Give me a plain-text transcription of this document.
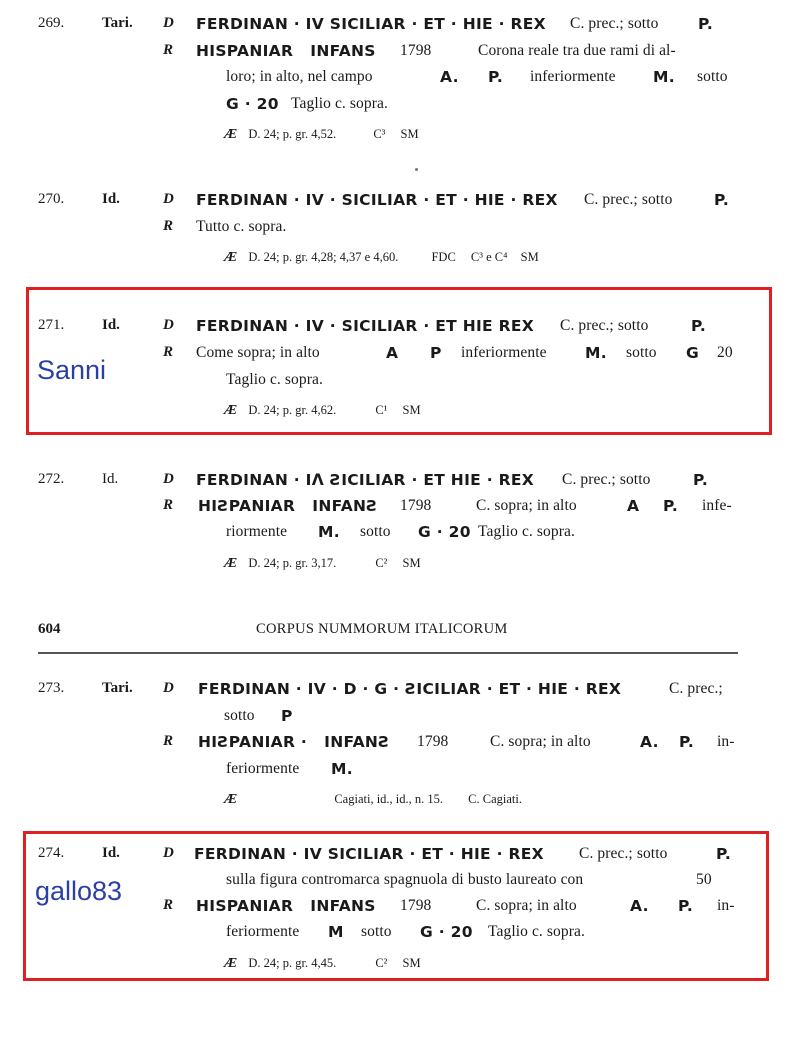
269.	Tari. D FERDINAN · IV SICILIAR · ET · HIE · REX C. prec.; sotto	P.
R HISPANIAR   INFANS 1798	Corona reale tra due rami di al-
loro; in alto, nel campo	A. P. inferiormente M. sotto
G · 20 Taglio c. sopra.
Æ D. 24; p. gr. 4,52.	C³ SM
270.	Id.	D FERDINAN · IV · SICILIAR · ET · HIE · REX C. prec.; sotto	P.
R Tutto c. sopra.
Æ D. 24; p. gr. 4,28; 4,37 e 4,60.	FDC C³ e C⁴ SM
Sanni
271.	Id.	D FERDINAN · IV · SICILIAR · ET HIE REX C. prec.; sotto	P.
R Come sopra; in alto	A P inferiormente M. sotto G 20
Taglio c. sopra.
Æ D. 24; p. gr. 4,62.	C¹ SM
272.	Id.	D FERDINAN · Iꓥ ƧICILIAR · ET HIE · REX C. prec.; sotto	P.
R HIƧPANIAR   INFANƧ 1798	C. sopra; in alto	A P. infe-
riormente M. sotto G · 20 Taglio c. sopra.
Æ D. 24; p. gr. 3,17.	C² SM
604	CORPUS NUMMORUM ITALICORUM
273.	Tari. D FERDINAN · IV · D · G · ƧICILIAR · ET · HIE · REX	C. prec.;
sotto P
R HIƧPANIAR ·   INFANƧ 1798	C. sopra; in alto	A. P. in-
feriormente M.
Æ	Cagiati, id., id., n. 15. C. Cagiati.
gallo83
274.	Id.	D FERDINAN · IV SICILIAR · ET · HIE · REX C. prec.; sotto	P.
sulla figura contromarca spagnuola di busto laureato con	50
R HISPANIAR   INFANS 1798	C. sopra; in alto	A. P. in-
feriormente M sotto G · 20 Taglio c. sopra.
Æ D. 24; p. gr. 4,45.	C² SM
